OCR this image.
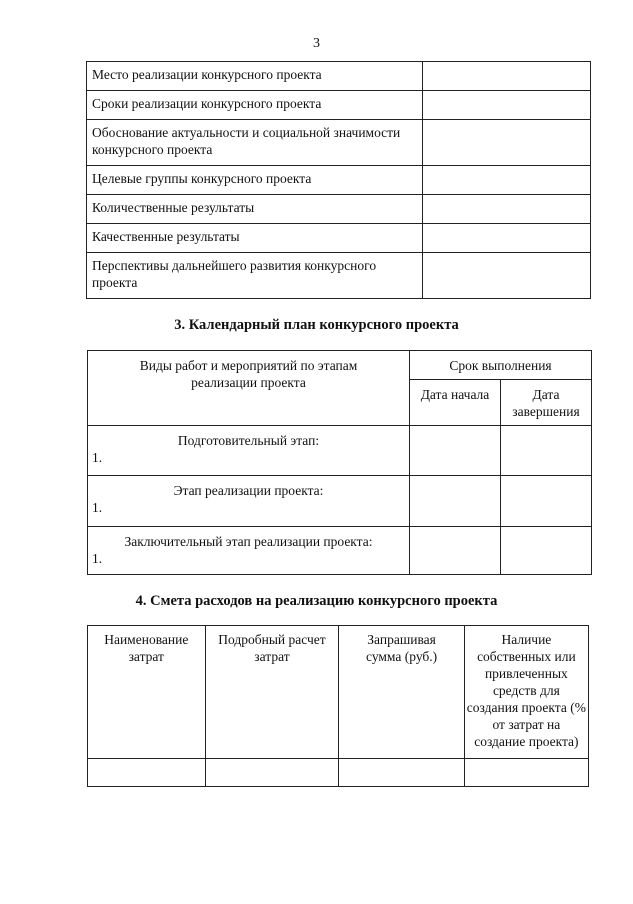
3
Место реализации конкурсного проекта	
Сроки реализации конкурсного проекта	
Обоснование актуальности и социальной значимости конкурсного проекта	
Целевые группы конкурсного проекта	
Количественные результаты	
Качественные результаты	
Перспективы дальнейшего развития конкурсного проекта	
3. Календарный план конкурсного проекта
Виды работ и мероприятий по этапам реализации проекта	Срок выполнения	
	Дата начала	Дата завершения

Подготовительный этап:
1.		

Этап реализации проекта:
1.		

Заключительный этап реализации проекта:
1.		

4. Смета расходов на реализацию конкурсного проекта
Наименование затрат	Подробный расчет затрат	Запрашивая сумма (руб.)	Наличие собственных или привлеченных средств для создания проекта (% от затрат на создание проекта)
